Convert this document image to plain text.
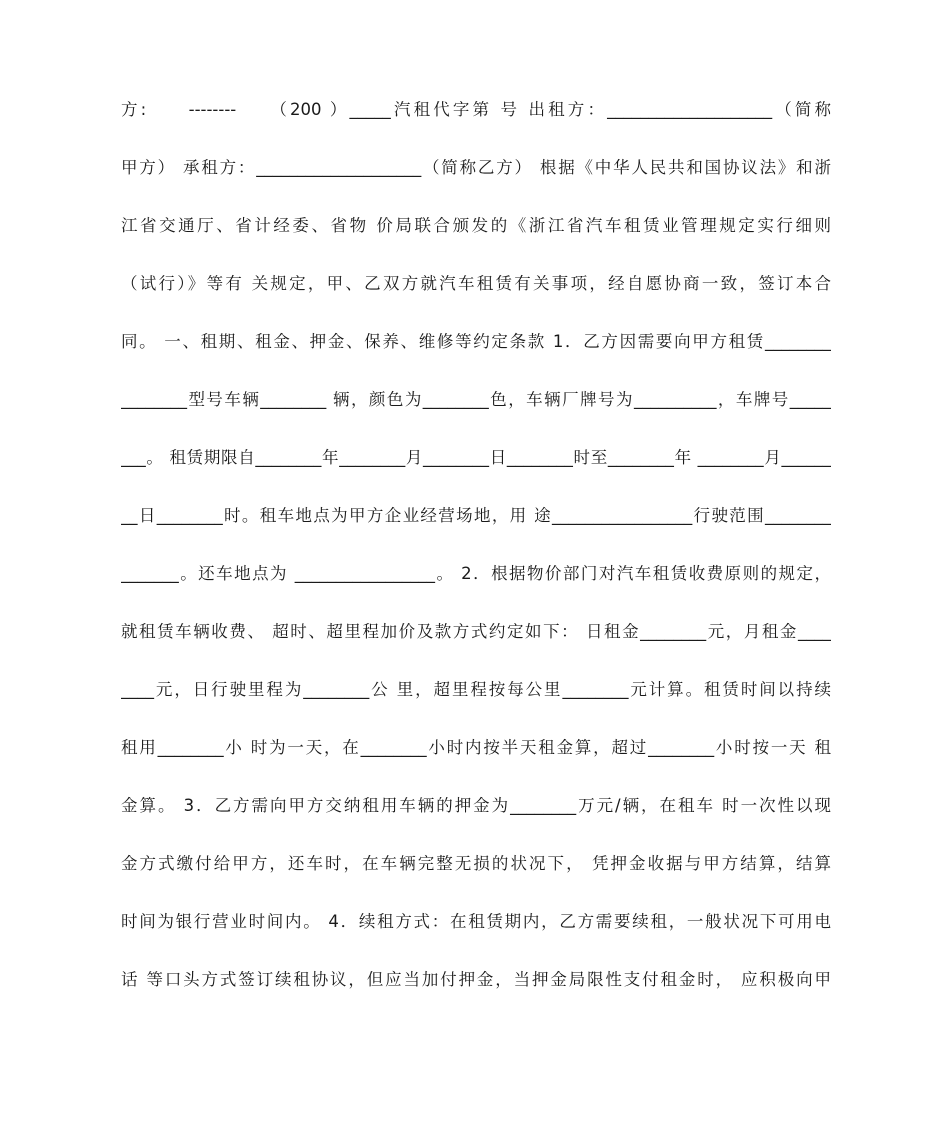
方:　　--------　　（200 ）_____汽租代字第 号 出租方：____________________（简称
甲方） 承租方：____________________（简称乙方） 根据《中华人民共和国协议法》和浙
江省交通厅、省计经委、省物 价局联合颁发的《浙江省汽车租赁业管理规定实行细则
（试行）》等有 关规定，甲、乙双方就汽车租赁有关事项，经自愿协商一致，签订本合
同。 一、租期、租金、押金、保养、维修等约定条款 1．乙方因需要向甲方租赁________
________型号车辆________ 辆，颜色为________色，车辆厂牌号为__________，车牌号_____
___。 租赁期限自________年________月________日________时至________年 ________月______
__日________时。租车地点为甲方企业经营场地，用 途_________________行驶范围________
_______。还车地点为 _________________。 2．根据物价部门对汽车租赁收费原则的规定，
就租赁车辆收费、 超时、超里程加价及款方式约定如下： 日租金________元，月租金____
____元，日行驶里程为________公 里，超里程按每公里________元计算。租赁时间以持续
租用________小 时为一天，在________小时内按半天租金算，超过________小时按一天 租
金算。 3．乙方需向甲方交纳租用车辆的押金为________万元/辆，在租车 时一次性以现
金方式缴付给甲方，还车时，在车辆完整无损的状况下， 凭押金收据与甲方结算，结算
时间为银行营业时间内。 4．续租方式：在租赁期内，乙方需要续租，一般状况下可用电
话 等口头方式签订续租协议，但应当加付押金，当押金局限性支付租金时， 应积极向甲
